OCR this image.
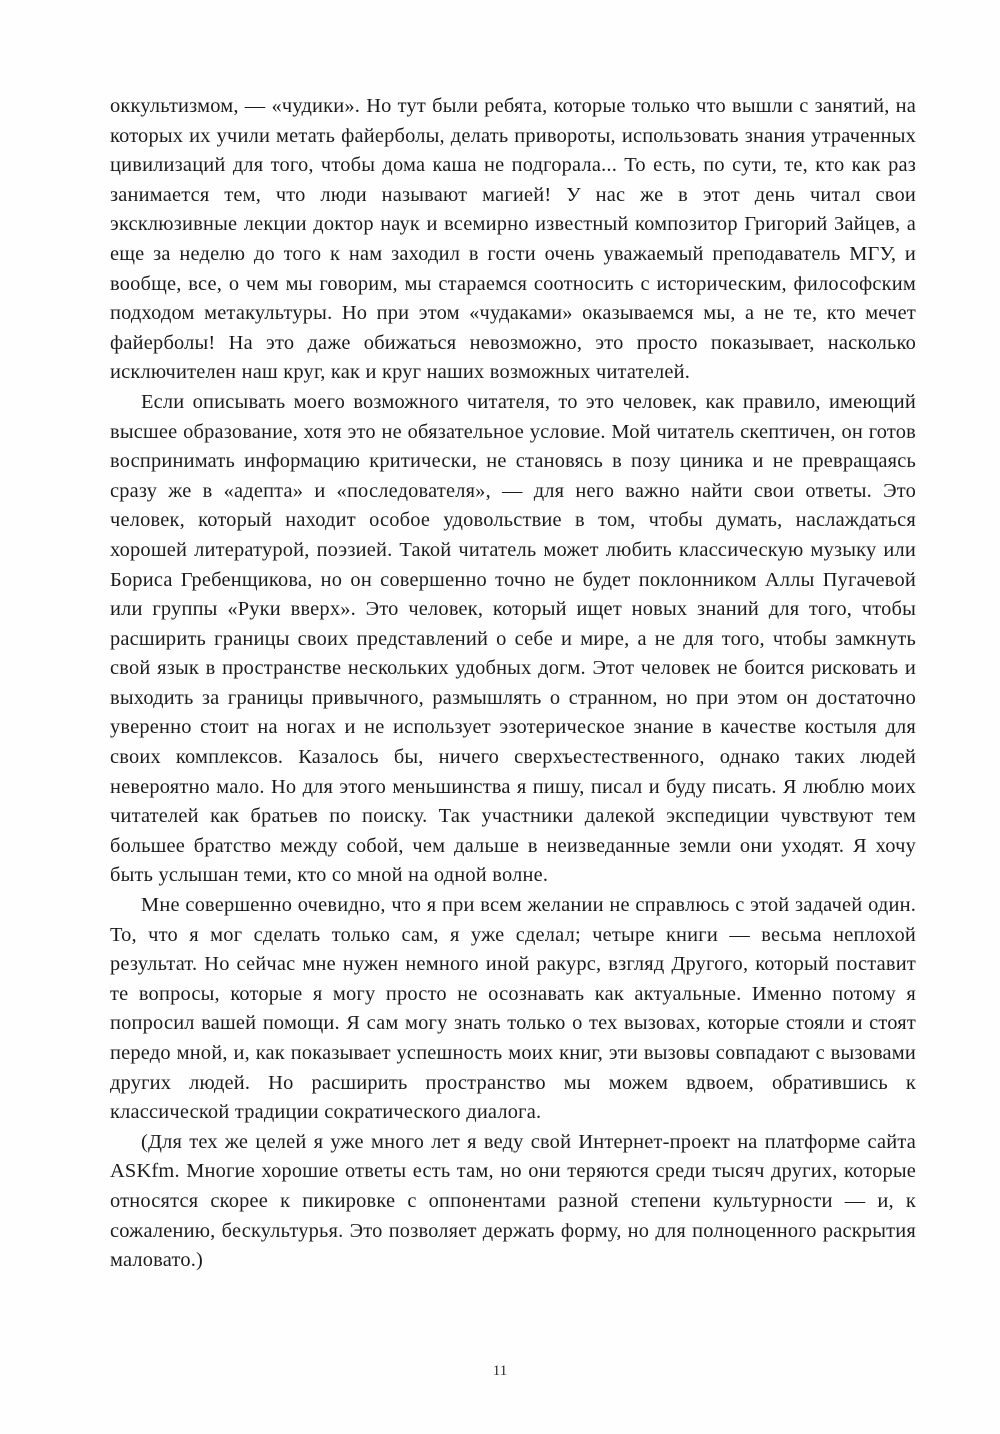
оккультизмом, — «чудики». Но тут были ребята, которые только что вышли с занятий, на которых их учили метать файерболы, делать привороты, использовать знания утраченных цивилизаций для того, чтобы дома каша не подгорала... То есть, по сути, те, кто как раз занимается тем, что люди называют магией! У нас же в этот день читал свои эксклюзивные лекции доктор наук и всемирно известный композитор Григорий Зайцев, а еще за неделю до того к нам заходил в гости очень уважаемый преподаватель МГУ, и вообще, все, о чем мы говорим, мы стараемся соотносить с историческим, философским подходом метакультуры. Но при этом «чудаками» оказываемся мы, а не те, кто мечет файерболы! На это даже обижаться невозможно, это просто показывает, насколько исключителен наш круг, как и круг наших возможных читателей.

Если описывать моего возможного читателя, то это человек, как правило, имеющий высшее образование, хотя это не обязательное условие. Мой читатель скептичен, он готов воспринимать информацию критически, не становясь в позу циника и не превращаясь сразу же в «адепта» и «последователя», — для него важно найти свои ответы. Это человек, который находит особое удовольствие в том, чтобы думать, наслаждаться хорошей литературой, поэзией. Такой читатель может любить классическую музыку или Бориса Гребенщикова, но он совершенно точно не будет поклонником Аллы Пугачевой или группы «Руки вверх». Это человек, который ищет новых знаний для того, чтобы расширить границы своих представлений о себе и мире, а не для того, чтобы замкнуть свой язык в пространстве нескольких удобных догм. Этот человек не боится рисковать и выходить за границы привычного, размышлять о странном, но при этом он достаточно уверенно стоит на ногах и не использует эзотерическое знание в качестве костыля для своих комплексов. Казалось бы, ничего сверхъестественного, однако таких людей невероятно мало. Но для этого меньшинства я пишу, писал и буду писать. Я люблю моих читателей как братьев по поиску. Так участники далекой экспедиции чувствуют тем большее братство между собой, чем дальше в неизведанные земли они уходят. Я хочу быть услышан теми, кто со мной на одной волне.

Мне совершенно очевидно, что я при всем желании не справлюсь с этой задачей один. То, что я мог сделать только сам, я уже сделал; четыре книги — весьма неплохой результат. Но сейчас мне нужен немного иной ракурс, взгляд Другого, который поставит те вопросы, которые я могу просто не осознавать как актуальные. Именно потому я попросил вашей помощи. Я сам могу знать только о тех вызовах, которые стояли и стоят передо мной, и, как показывает успешность моих книг, эти вызовы совпадают с вызовами других людей. Но расширить пространство мы можем вдвоем, обратившись к классической традиции сократического диалога.

(Для тех же целей я уже много лет я веду свой Интернет-проект на платформе сайта ASKfm. Многие хорошие ответы есть там, но они теряются среди тысяч других, которые относятся скорее к пикировке с оппонентами разной степени культурности — и, к сожалению, бескультурья. Это позволяет держать форму, но для полноценного раскрытия маловато.)

11
